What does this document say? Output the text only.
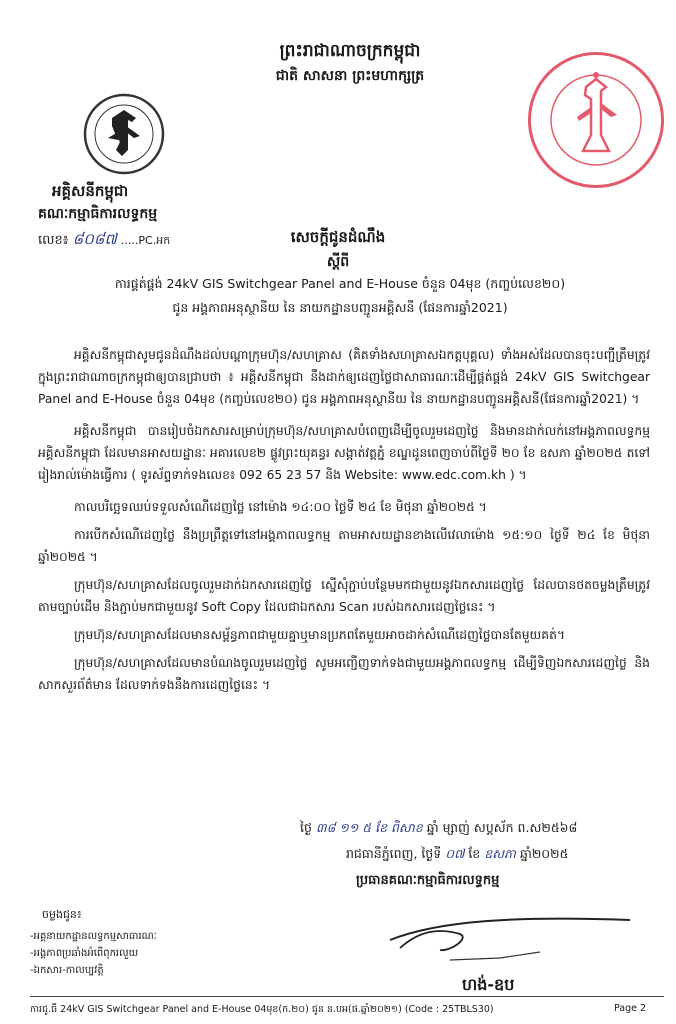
ព្រះរាជាណាចក្រកម្ពុជា
ជាតិ សាសនា ព្រះមហាក្សត្រ
អគ្គិសនីកម្ពុជា
គណៈកម្មាធិការលទ្ធកម្ម
លេខ៖ ៨០៨៧ .....PC.អក	សេចក្តីជូនដំណឹង
ស្តីពី
ការផ្គត់ផ្គង់ 24kV GIS Switchgear Panel and E-House ចំនួន 04មុខ (កញ្ចប់លេខ២០)
ជូន អង្គភាពអនុស្ថានីយ នៃ នាយកដ្ឋានបញ្ជូនអគ្គិសនី (ផែនការឆ្នាំ2021)

អគ្គិសនីកម្ពុជាសូមជូនដំណឹងដល់បណ្តាក្រុមហ៊ុន/សហគ្រាស (គិតទាំងសហគ្រាសឯកត្តបុគ្គល) ទាំងអស់ដែលបានចុះបញ្ជីត្រឹមត្រូវក្នុងព្រះរាជាណាចក្រកម្ពុជាឲ្យបានជ្រាបថា ៖ អគ្គិសនីកម្ពុជា នឹងដាក់ឲ្យដេញថ្លៃជាសាធារណៈដើម្បីផ្គត់ផ្គង់ 24kV GIS Switchgear Panel and E-House ចំនួន 04មុខ (កញ្ចប់លេខ២០) ជូន អង្គភាពអនុស្ថានីយ នៃ នាយកដ្ឋានបញ្ជូនអគ្គិសនី(ផែនការឆ្នាំ2021) ។

អគ្គិសនីកម្ពុជា បានរៀបចំឯកសារសម្រាប់ក្រុមហ៊ុន/សហគ្រាសបំពេញដើម្បីចូលរួមដេញថ្លៃ និងមានដាក់លក់នៅអង្គភាពលទ្ធកម្មអគ្គិសនីកម្ពុជា ដែលមានអាសយដ្ឋានៈ អគារលេខ២ ផ្លូវព្រះយុគន្ធរ សង្កាត់វត្តភ្នំ ខណ្ឌដូនពេញចាប់ពីថ្ងៃទី ២០ ខែ ឧសភា ឆ្នាំ២០២៥ តទៅរៀងរាល់ម៉ោងធ្វើការ ( ទូរស័ព្ទទាក់ទងលេខ៖ 092 65 23 57 និង Website: www.edc.com.kh ) ។

កាលបរិច្ឆេទឈប់ទទួលសំណើដេញថ្លៃ នៅម៉ោង ១៤:០០ ថ្ងៃទី ២៤ ខែ មិថុនា ឆ្នាំ២០២៥ ។

ការបើកសំណើដេញថ្លៃ នឹងប្រព្រឹត្តទៅនៅអង្គភាពលទ្ធកម្ម តាមអាសយដ្ឋានខាងលើវេលាម៉ោង ១៥:១០ ថ្ងៃទី ២៤ ខែ មិថុនា ឆ្នាំ២០២៥ ។

ក្រុមហ៊ុន/សហគ្រាសដែលចូលរួមដាក់ឯកសារដេញថ្លៃ ស្នើសុំភ្ជាប់បន្ថែមមកជាមួយនូវឯកសារដេញថ្លៃ ដែលបានថតចម្លងត្រឹមត្រូវតាមច្បាប់ដើម និងភ្ជាប់មកជាមួយនូវ Soft Copy ដែលជាឯកសារ Scan របស់ឯកសារដេញថ្លៃនេះ ។

ក្រុមហ៊ុន/សហគ្រាសដែលមានសម្ព័ន្ធភាពជាមួយគ្នាឬមានប្រភពតែមួយអាចដាក់សំណើដេញថ្លៃបានតែមួយគត់។

ក្រុមហ៊ុន/សហគ្រាសដែលមានបំណងចូលរួមដេញថ្លៃ សូមអញ្ជើញទាក់ទងជាមួយអង្គភាពលទ្ធកម្ម ដើម្បីទិញឯកសារដេញថ្លៃ និងសាកសួរព័ត៌មាន ដែលទាក់ទងនឹងការដេញថ្លៃនេះ ។

ថ្ងៃ ៣៨ ១១ ៥ ខែ ពិសាខ ឆ្នាំ ម្សាញ់ សប្តស័ក ព.ស២៥៦៨
រាជធានីភ្នំពេញ, ថ្ងៃទី ០៧ ខែ ឧសភា ឆ្នាំ២០២៥
ប្រធានគណៈកម្មាធិការលទ្ធកម្ម
ហង់-ឧប
ចម្លងជូន៖
-អគ្គនាយកដ្ឋានលទ្ធកម្មសាធារណៈ
-អង្គភាពប្រឆាំងអំពើពុករលួយ
-ឯកសារ-កាលប្បវត្តិ
ការជូ.ធី 24kV GIS Switchgear Panel and E-House 04មុខ(ក.២០) ជូន ន.បអ(ផ.ឆ្នាំ២០២១) (Code : 25TBLS30)	Page 2
